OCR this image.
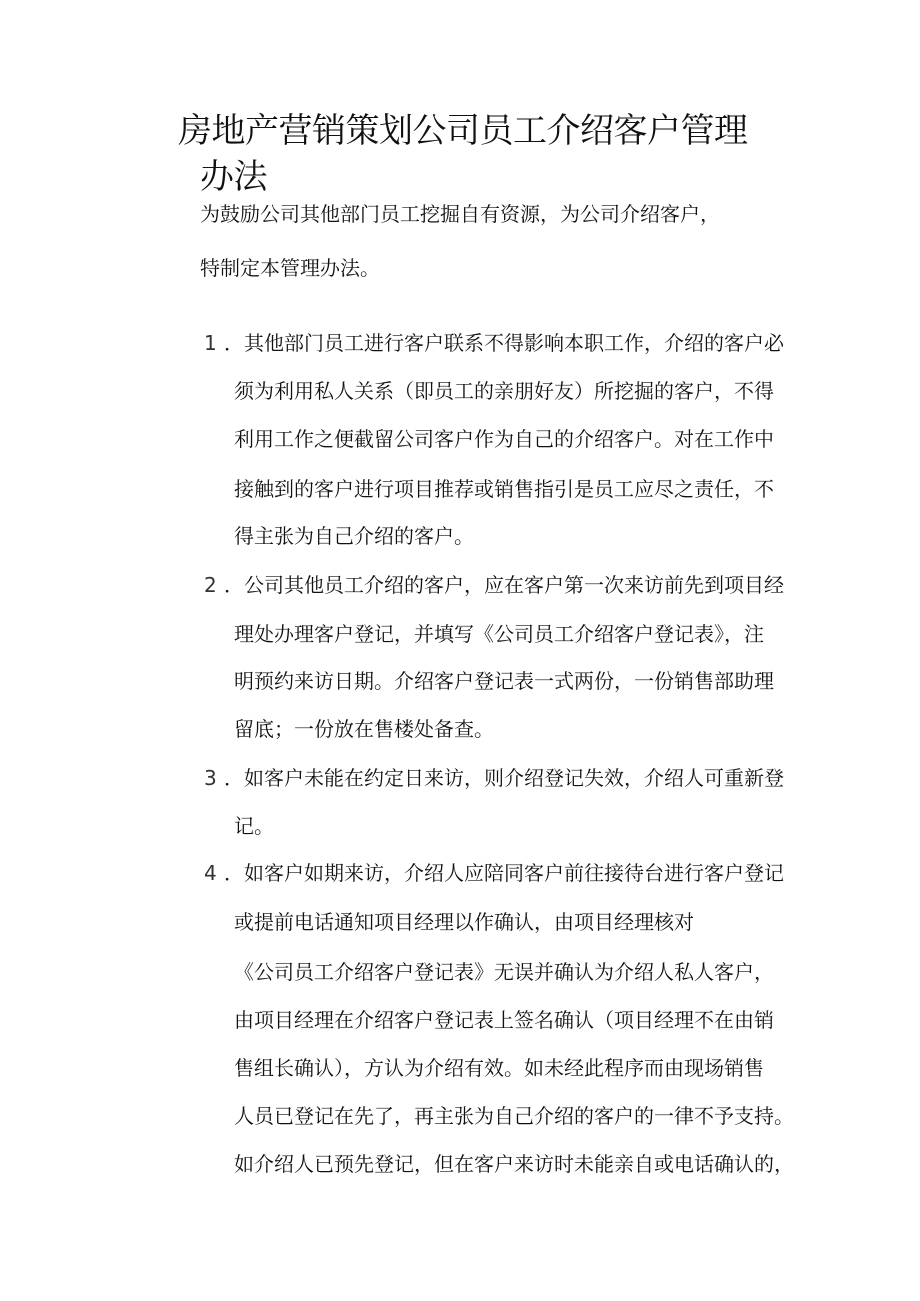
房地产营销策划公司员工介绍客户管理
办法
为鼓励公司其他部门员工挖掘自有资源，为公司介绍客户，
特制定本管理办法。
1 ．其他部门员工进行客户联系不得影响本职工作，介绍的客户必
须为利用私人关系（即员工的亲朋好友）所挖掘的客户，不得
利用工作之便截留公司客户作为自己的介绍客户。对在工作中
接触到的客户进行项目推荐或销售指引是员工应尽之责任，不
得主张为自己介绍的客户。
2 ．公司其他员工介绍的客户，应在客户第一次来访前先到项目经
理处办理客户登记，并填写《公司员工介绍客户登记表》，注
明预约来访日期。介绍客户登记表一式两份，一份销售部助理
留底；一份放在售楼处备查。
3 ．如客户未能在约定日来访，则介绍登记失效，介绍人可重新登
记。
4 ．如客户如期来访，介绍人应陪同客户前往接待台进行客户登记
或提前电话通知项目经理以作确认，由项目经理核对
《公司员工介绍客户登记表》无误并确认为介绍人私人客户，
由项目经理在介绍客户登记表上签名确认（项目经理不在由销
售组长确认），方认为介绍有效。如未经此程序而由现场销售
人员已登记在先了，再主张为自己介绍的客户的一律不予支持。
如介绍人已预先登记，但在客户来访时未能亲自或电话确认的，
